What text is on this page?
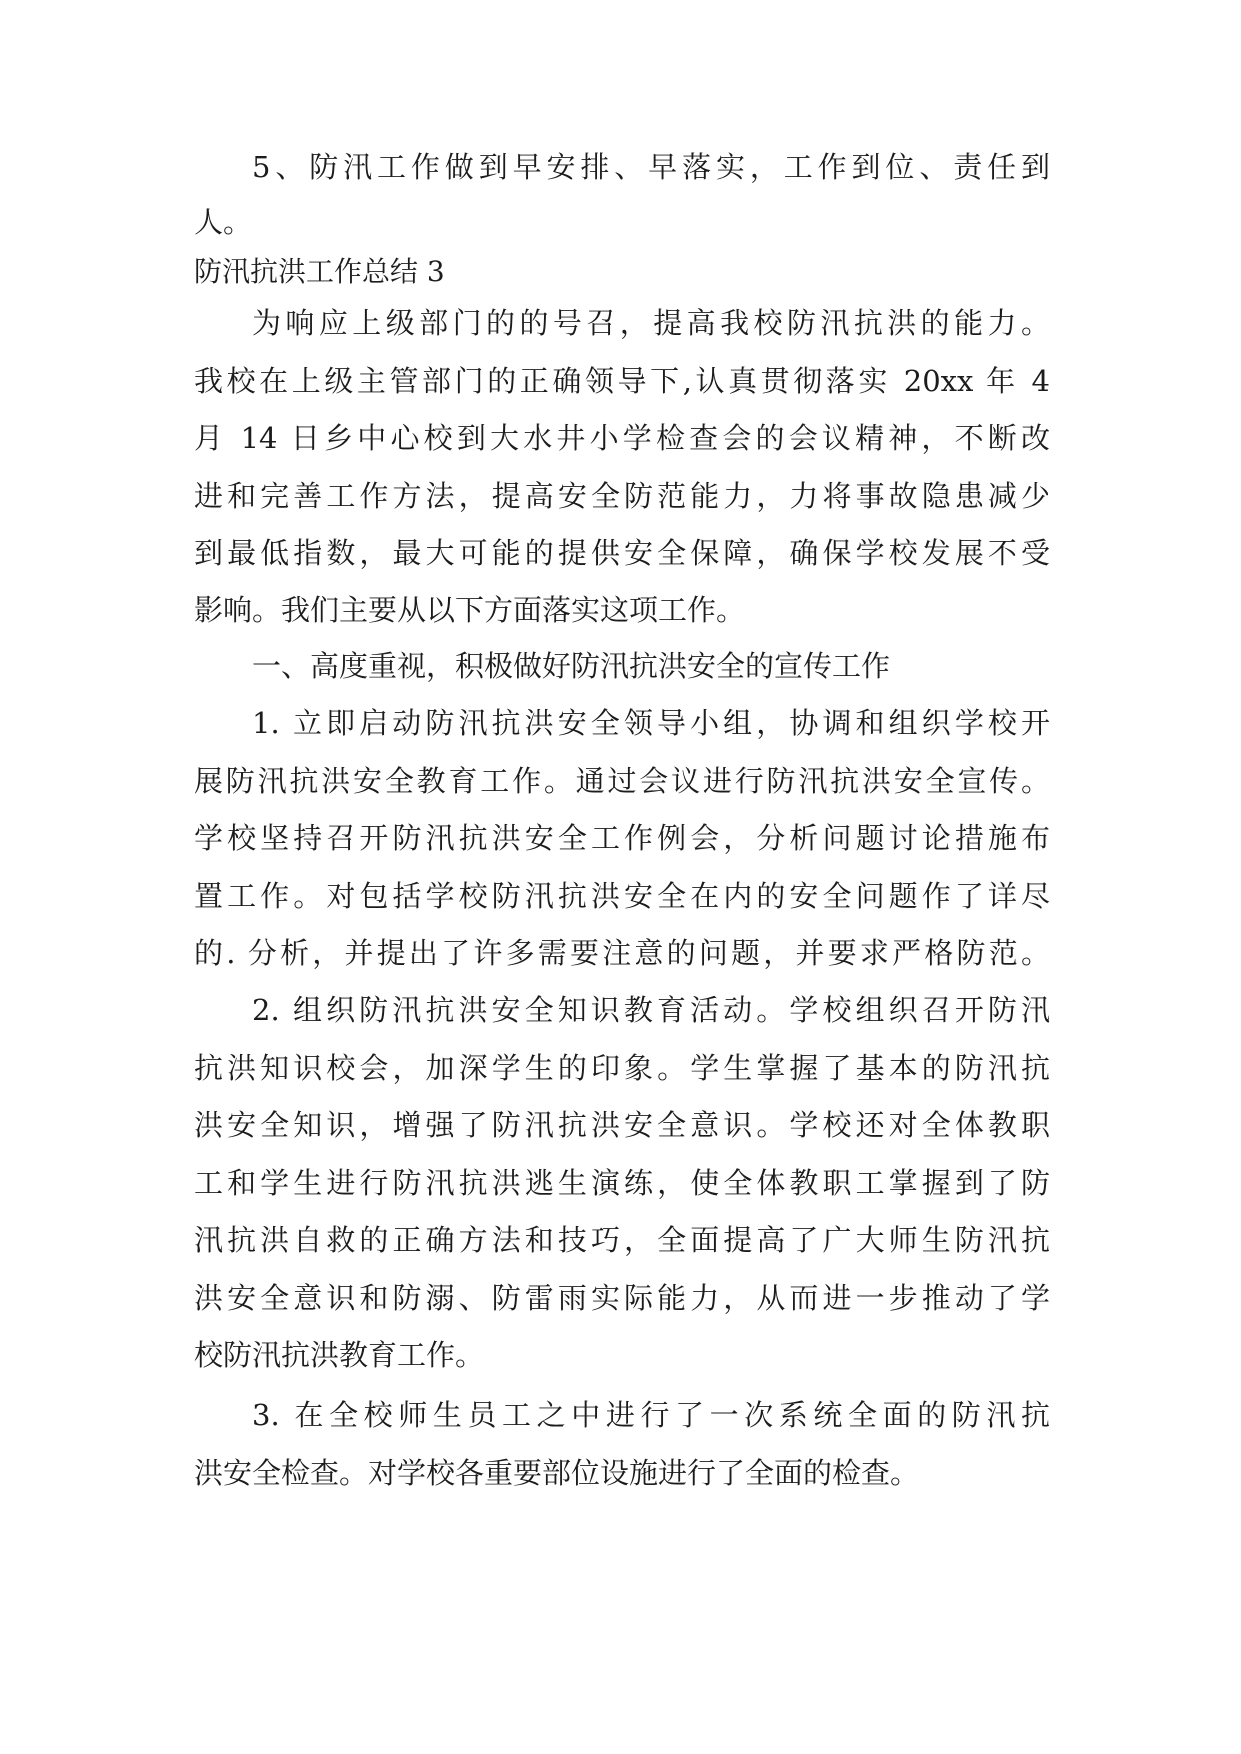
5、防汛工作做到早安排、早落实，工作到位、责任到
人。
防汛抗洪工作总结 3
为响应上级部门的的号召，提高我校防汛抗洪的能力。
我校在上级主管部门的正确领导下,认真贯彻落实 20xx 年 4
月 14 日乡中心校到大水井小学检查会的会议精神，不断改
进和完善工作方法，提高安全防范能力，力将事故隐患减少
到最低指数，最大可能的提供安全保障，确保学校发展不受
影响。我们主要从以下方面落实这项工作。
一、高度重视，积极做好防汛抗洪安全的宣传工作
1. 立即启动防汛抗洪安全领导小组，协调和组织学校开
展防汛抗洪安全教育工作。通过会议进行防汛抗洪安全宣传。
学校坚持召开防汛抗洪安全工作例会，分析问题讨论措施布
置工作。对包括学校防汛抗洪安全在内的安全问题作了详尽
的. 分析，并提出了许多需要注意的问题，并要求严格防范。
2. 组织防汛抗洪安全知识教育活动。学校组织召开防汛
抗洪知识校会，加深学生的印象。学生掌握了基本的防汛抗
洪安全知识，增强了防汛抗洪安全意识。学校还对全体教职
工和学生进行防汛抗洪逃生演练，使全体教职工掌握到了防
汛抗洪自救的正确方法和技巧，全面提高了广大师生防汛抗
洪安全意识和防溺、防雷雨实际能力，从而进一步推动了学
校防汛抗洪教育工作。
3. 在全校师生员工之中进行了一次系统全面的防汛抗
洪安全检查。对学校各重要部位设施进行了全面的检查。
